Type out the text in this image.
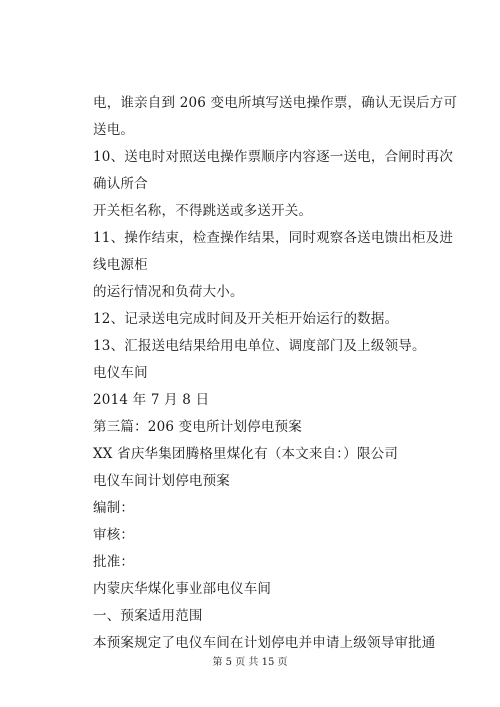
电，谁亲自到 206 变电所填写送电操作票，确认无误后方可
送电。
10、送电时对照送电操作票顺序内容逐一送电，合闸时再次
确认所合
开关柜名称，不得跳送或多送开关。
11、操作结束，检查操作结果，同时观察各送电馈出柜及进
线电源柜
的运行情况和负荷大小。
12、记录送电完成时间及开关柜开始运行的数据。
13、汇报送电结果给用电单位、调度部门及上级领导。
电仪车间
2014 年 7 月 8 日
第三篇：206 变电所计划停电预案
XX 省庆华集团腾格里煤化有（本文来自：）限公司
电仪车间计划停电预案
编制：
审核：
批准：
内蒙庆华煤化事业部电仪车间
一、预案适用范围
本预案规定了电仪车间在计划停电并申请上级领导审批通
第 5 页 共 15 页
